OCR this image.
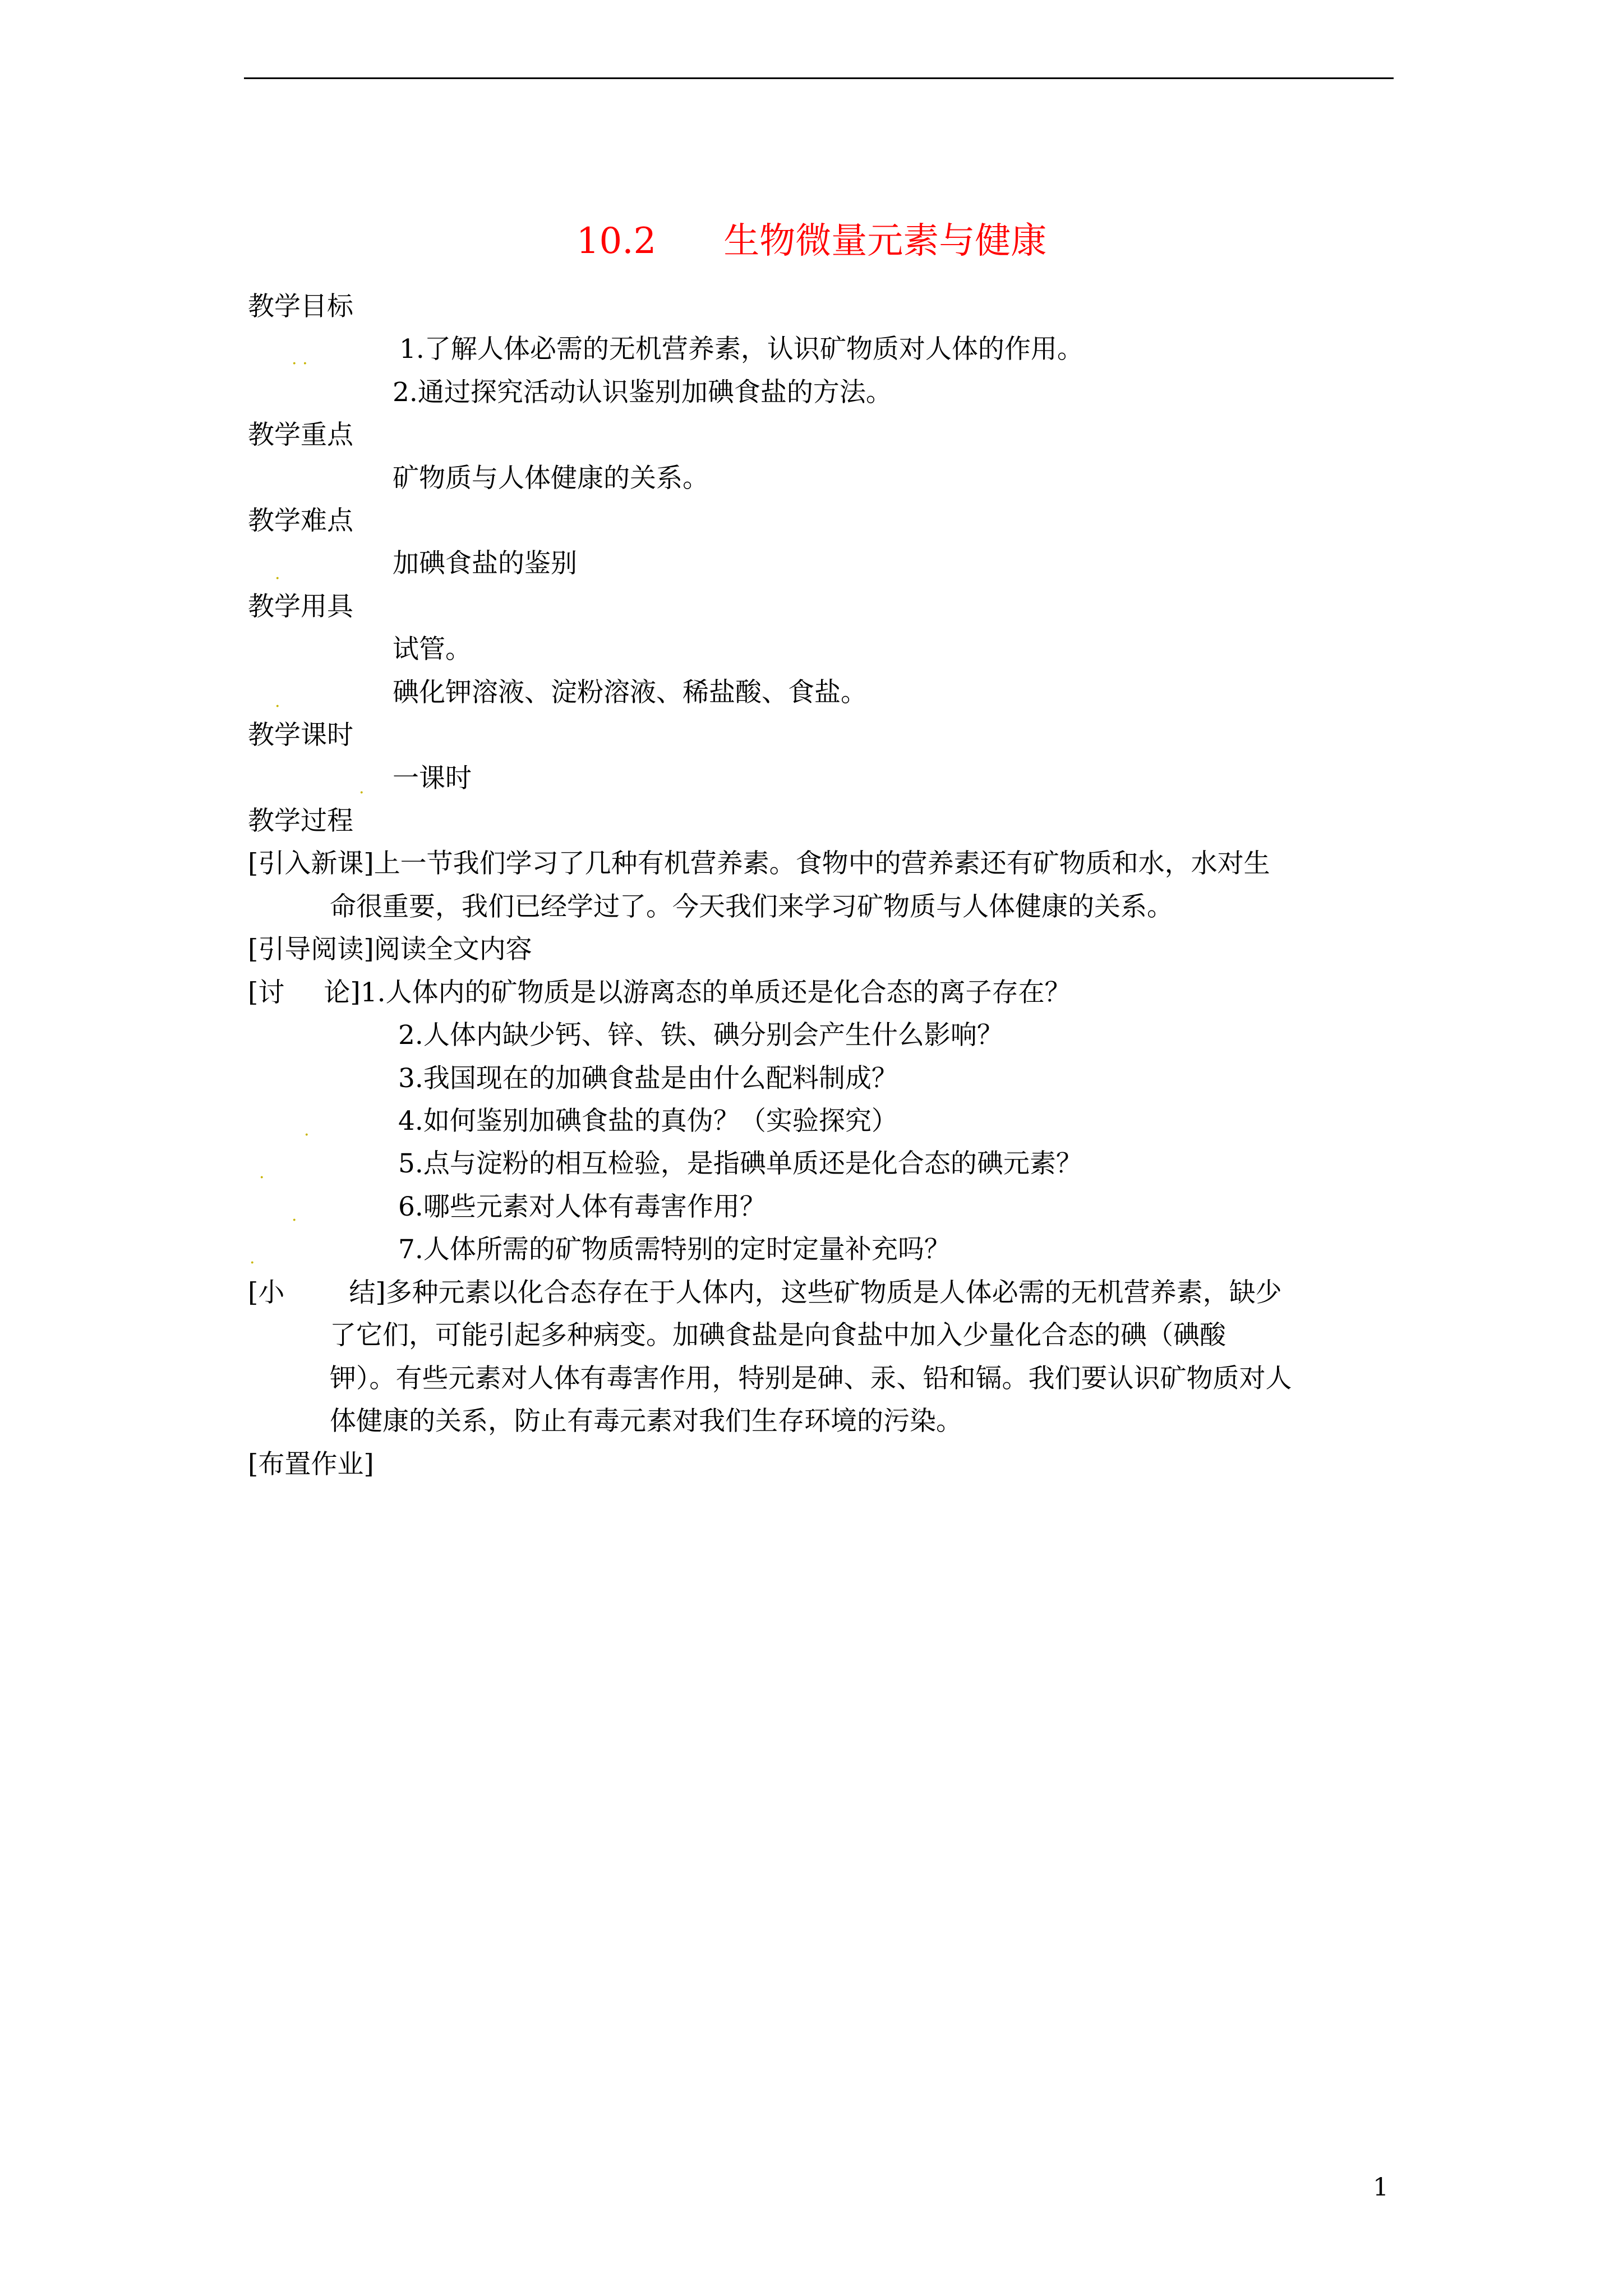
10.2 生物微量元素与健康
教学目标
1.了解人体必需的无机营养素，认识矿物质对人体的作用。
2.通过探究活动认识鉴别加碘食盐的方法。
教学重点
矿物质与人体健康的关系。
教学难点
加碘食盐的鉴别
教学用具
试管。
碘化钾溶液、淀粉溶液、稀盐酸、食盐。
教学课时
一课时
教学过程
[引入新课]上一节我们学习了几种有机营养素。食物中的营养素还有矿物质和水，水对生
命很重要，我们已经学过了。今天我们来学习矿物质与人体健康的关系。
[引导阅读]阅读全文内容
[讨 论]1.人体内的矿物质是以游离态的单质还是化合态的离子存在？
2.人体内缺少钙、锌、铁、碘分别会产生什么影响？
3.我国现在的加碘食盐是由什么配料制成？
4.如何鉴别加碘食盐的真伪？（实验探究）
5.点与淀粉的相互检验，是指碘单质还是化合态的碘元素？
6.哪些元素对人体有毒害作用？
7.人体所需的矿物质需特别的定时定量补充吗？
[小 结]多种元素以化合态存在于人体内，这些矿物质是人体必需的无机营养素，缺少
了它们，可能引起多种病变。加碘食盐是向食盐中加入少量化合态的碘（碘酸
钾）。有些元素对人体有毒害作用，特别是砷、汞、铅和镉。我们要认识矿物质对人
体健康的关系，防止有毒元素对我们生存环境的污染。
[布置作业]
. .
.
.
.
.
.
.
.
1
